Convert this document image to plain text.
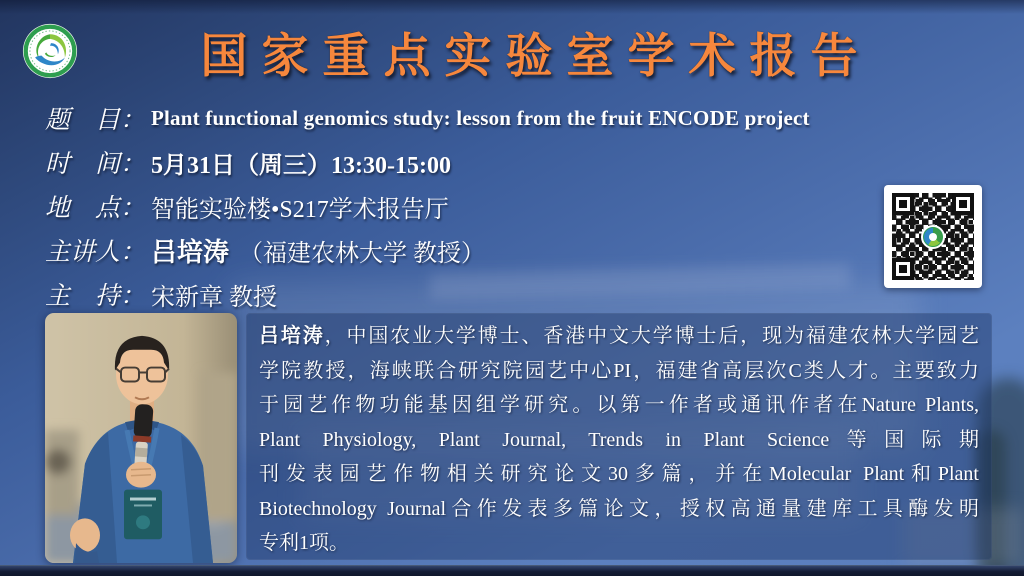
国家重点实验室学术报告
题　目： Plant functional genomics study: lesson from the fruit ENCODE project
时　间： 5月31日（周三）13:30-15:00
地　点： 智能实验楼•S217学术报告厅
主讲人： 吕培涛 （福建农林大学 教授）
主　持： 宋新章 教授
吕培涛，中国农业大学博士、香港中文大学博士后，现为福建农林大学园艺
学院教授，海峡联合研究院园艺中心PI，福建省高层次C类人才。主要致力
于园艺作物功能基因组学研究。以第一作者或通讯作者在Nature Plants,
Plant Physiology, Plant Journal, Trends in Plant Science等国际期
刊发表园艺作物相关研究论文30多篇，并在Molecular Plant和Plant
Biotechnology Journal合作发表多篇论文，授权高通量建库工具酶发明
专利1项。
